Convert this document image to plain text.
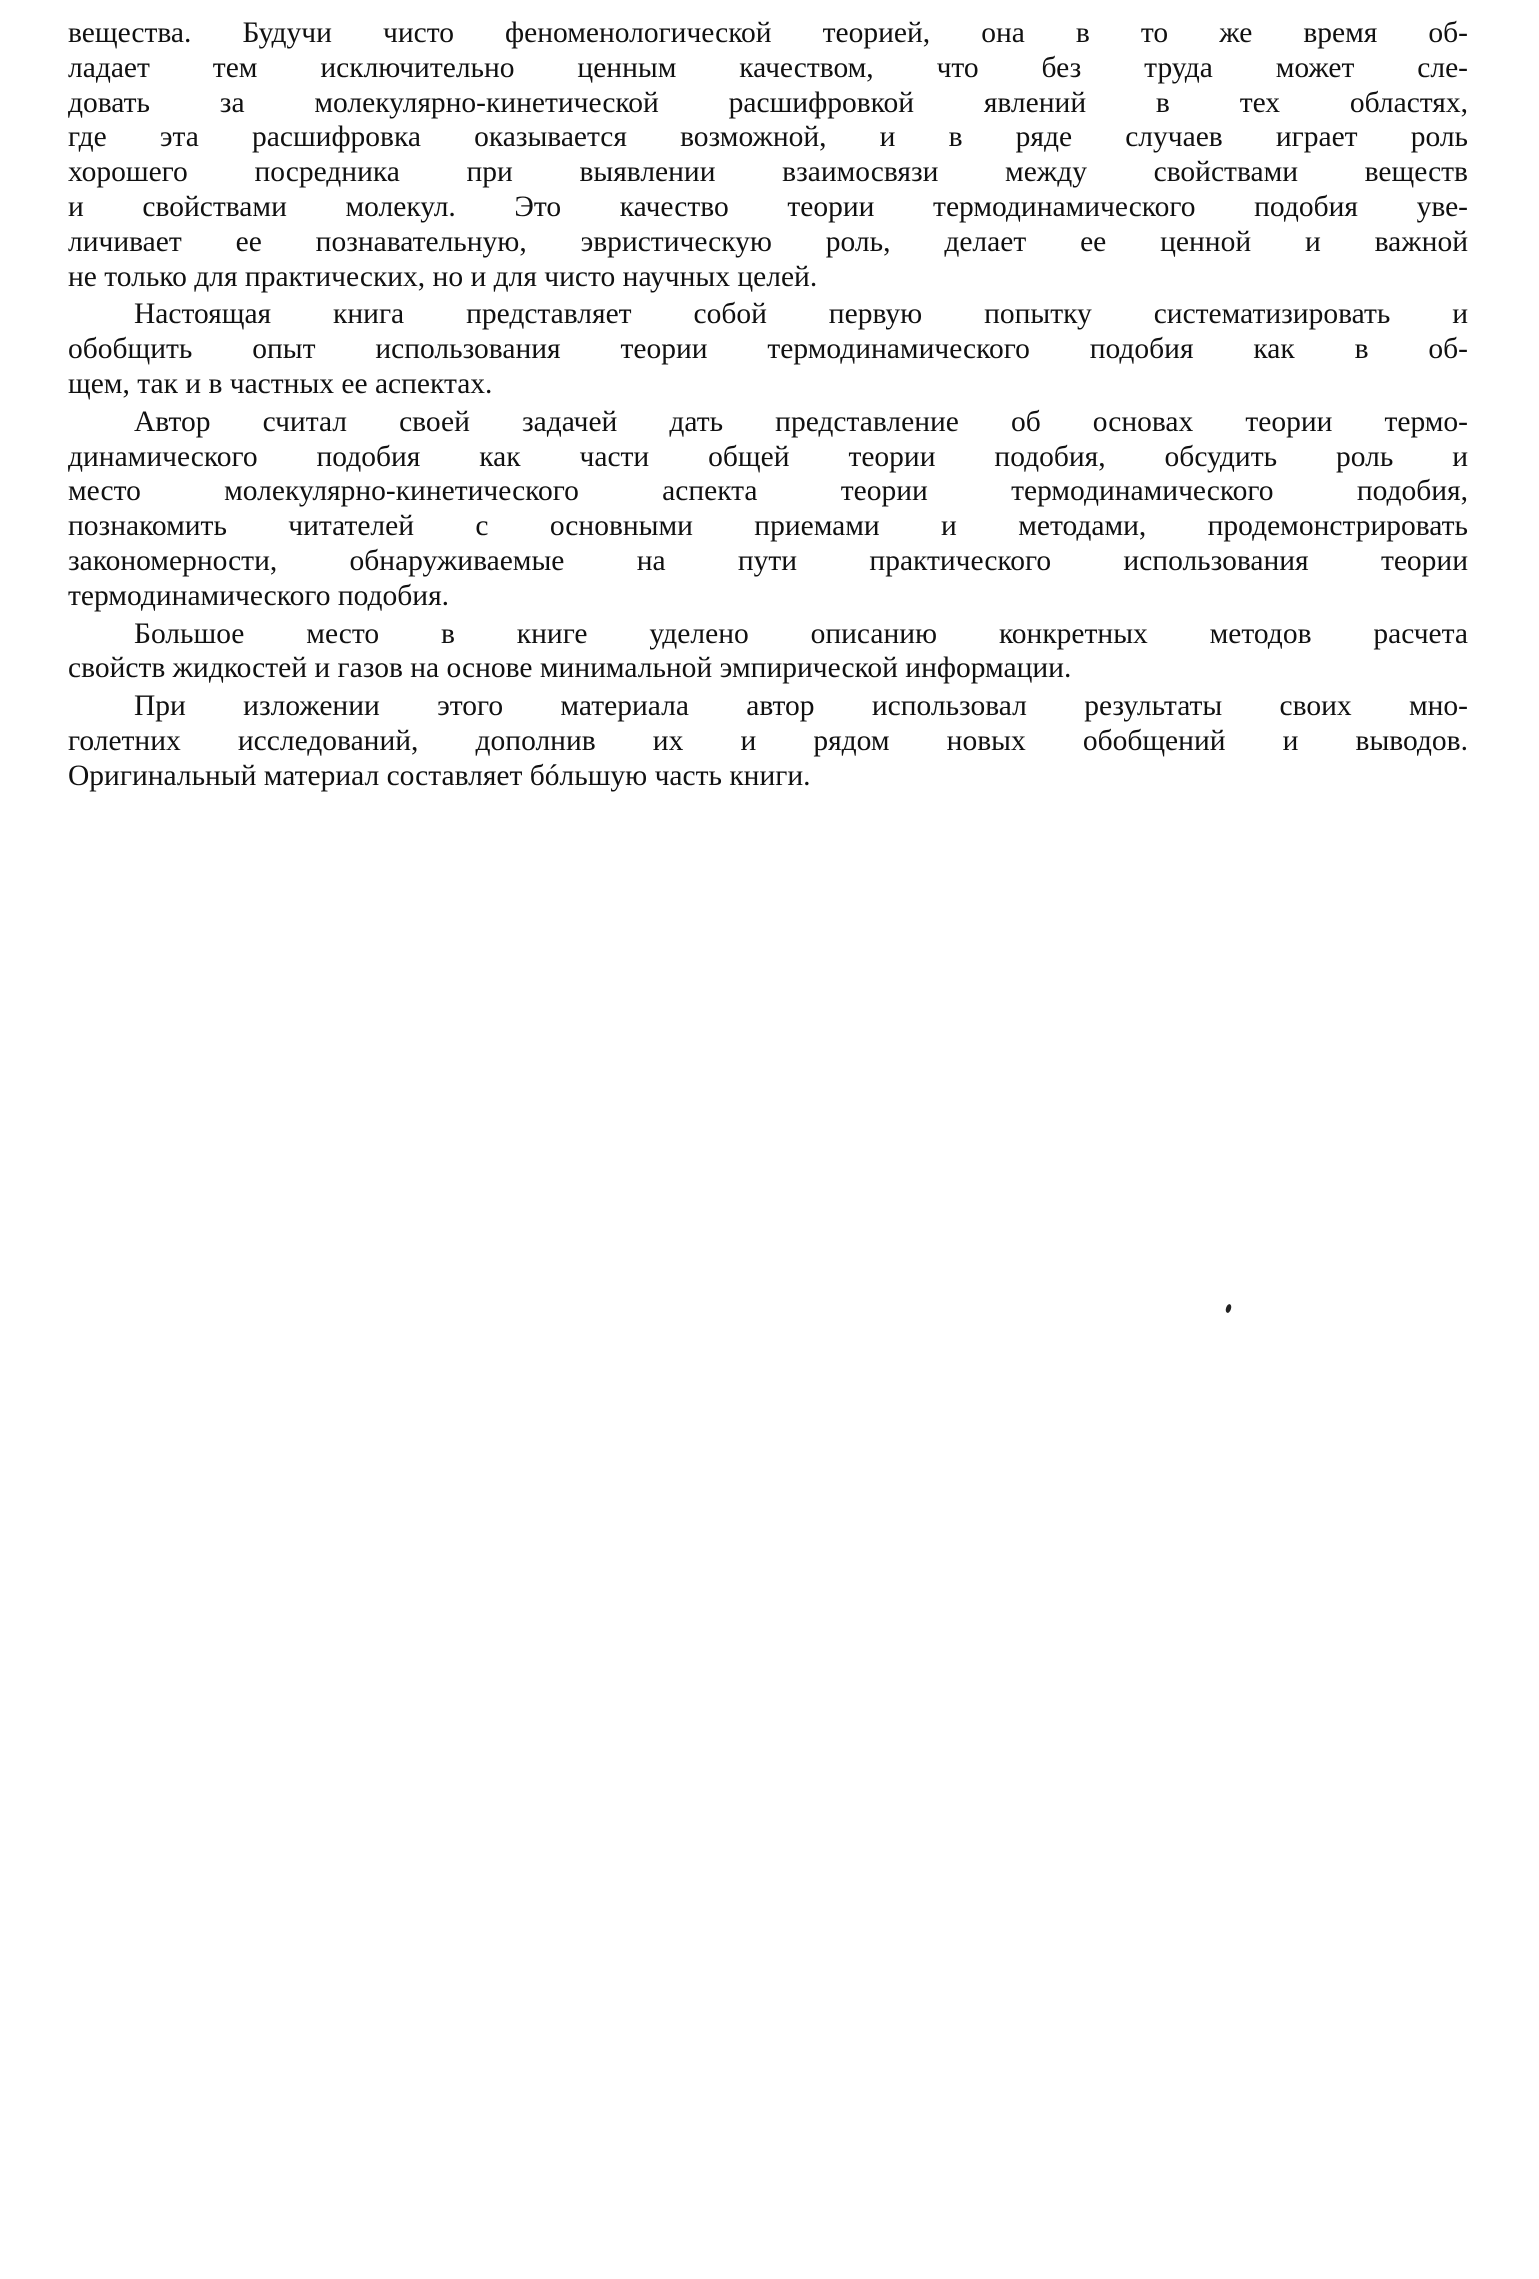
вещества. Будучи чисто феноменологической теорией, она в то же время об-
ладает тем исключительно ценным качеством, что без труда может сле-
довать за молекулярно-кинетической расшифровкой явлений в тех областях,
где эта расшифровка оказывается возможной, и в ряде случаев играет роль
хорошего посредника при выявлении взаимосвязи между свойствами веществ
и свойствами молекул. Это качество теории термодинамического подобия уве-
личивает ее познавательную, эвристическую роль, делает ее ценной и важной
не только для практических, но и для чисто научных целей.
Настоящая книга представляет собой первую попытку систематизировать и
обобщить опыт использования теории термодинамического подобия как в об-
щем, так и в частных ее аспектах.
Автор считал своей задачей дать представление об основах теории термо-
динамического подобия как части общей теории подобия, обсудить роль и
место молекулярно-кинетического аспекта теории термодинамического подобия,
познакомить читателей с основными приемами и методами, продемонстрировать
закономерности, обнаруживаемые на пути практического использования теории
термодинамического подобия.
Большое место в книге уделено описанию конкретных методов расчета
свойств жидкостей и газов на основе минимальной эмпирической информации.
При изложении этого материала автор использовал результаты своих мно-
голетних исследований, дополнив их и рядом новых обобщений и выводов.
Оригинальный материал составляет бóльшую часть книги.
